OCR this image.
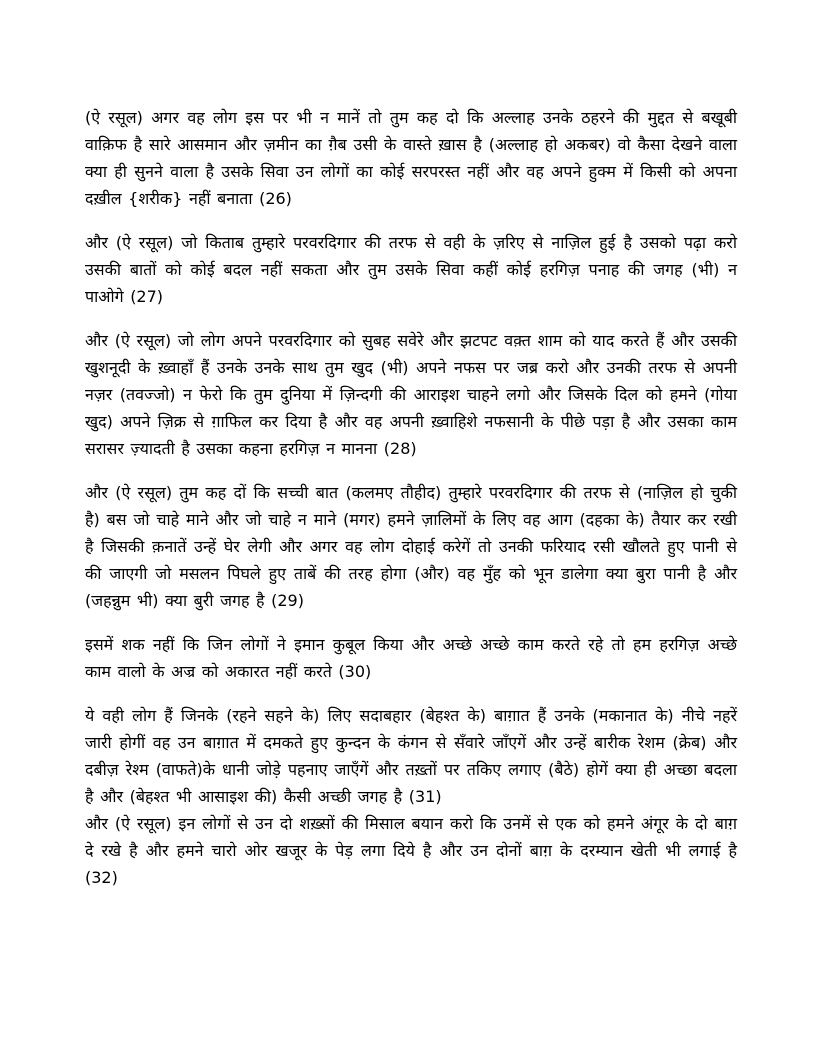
(ऐ रसूल) अगर वह लोग इस पर भी न मानें तो तुम कह दो कि अल्लाह उनके ठहरने की मुद्दत से बखूबी वाक़िफ है सारे आसमान और ज़मीन का ग़ैब उसी के वास्ते ख़ास है (अल्लाह हो अकबर) वो कैसा देखने वाला क्या ही सुनने वाला है उसके सिवा उन लोगों का कोई सरपरस्त नहीं और वह अपने हुक्म में किसी को अपना दख़ील {शरीक} नहीं बनाता (26)

और (ऐ रसूल) जो किताब तुम्हारे परवरदिगार की तरफ से वही के ज़रिए से नाज़िल हुई है उसको पढ़ा करो उसकी बातों को कोई बदल नहीं सकता और तुम उसके सिवा कहीं कोई हरगिज़ पनाह की जगह (भी) न पाओगे (27)

और (ऐ रसूल) जो लोग अपने परवरदिगार को सुबह सवेरे और झटपट वक़्त शाम को याद करते हैं और उसकी खुशनूदी के ख़्वाहाँ हैं उनके उनके साथ तुम खुद (भी) अपने नफस पर जब्र करो और उनकी तरफ से अपनी नज़र (तवज्जो) न फेरो कि तुम दुनिया में ज़िन्दगी की आराइश चाहने लगो और जिसके दिल को हमने (गोया खुद) अपने ज़िक्र से ग़ाफिल कर दिया है और वह अपनी ख़्वाहिशे नफसानी के पीछे पड़ा है और उसका काम सरासर ज़्यादती है उसका कहना हरगिज़ न मानना (28)

और (ऐ रसूल) तुम कह दों कि सच्ची बात (कलमए तौहीद) तुम्हारे परवरदिगार की तरफ से (नाज़िल हो चुकी है) बस जो चाहे माने और जो चाहे न माने (मगर) हमने ज़ालिमों के लिए वह आग (दहका के) तैयार कर रखी है जिसकी क़नातें उन्हें घेर लेगी और अगर वह लोग दोहाई करेगें तो उनकी फरियाद रसी खौलते हुए पानी से की जाएगी जो मसलन पिघले हुए ताबें की तरह होगा (और) वह मुँह को भून डालेगा क्या बुरा पानी है और (जहन्नुम भी) क्या बुरी जगह है (29)

इसमें शक नहीं कि जिन लोगों ने इमान कुबूल किया और अच्छे अच्छे काम करते रहे तो हम हरगिज़ अच्छे काम वालो के अज्र को अकारत नहीं करते (30)

ये वही लोग हैं जिनके (रहने सहने के) लिए सदाबहार (बेहश्त के) बाग़ात हैं उनके (मकानात के) नीचे नहरें जारी होगीं वह उन बाग़ात में दमकते हुए कुन्दन के कंगन से सँवारे जाँएगें और उन्हें बारीक रेशम (क्रेब) और दबीज़ रेश्म (वाफते)के धानी जोड़े पहनाए जाएँगें और तख़्तों पर तकिए लगाए (बैठे) होगें क्या ही अच्छा बदला है और (बेहश्त भी आसाइश की) कैसी अच्छी जगह है (31)

और (ऐ रसूल) इन लोगों से उन दो शख़्सों की मिसाल बयान करो कि उनमें से एक को हमने अंगूर के दो बाग़ दे रखे है और हमने चारो ओर खजूर के पेड़ लगा दिये है और उन दोनों बाग़ के दरम्यान खेती भी लगाई है (32)
